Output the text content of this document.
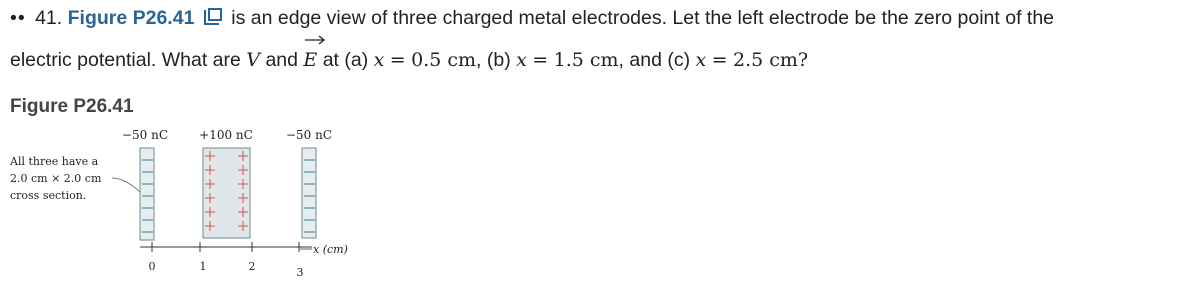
•• 41. Figure P26.41 is an edge view of three charged metal electrodes. Let the left electrode be the zero point of the
electric potential. What are V and E at (a) x = 0.5 cm, (b) x = 1.5 cm, and (c) x = 2.5 cm?
Figure P26.41
−50 nC	+100 nC	−50 nC
All three have a
2.0 cm × 2.0 cm
cross section.
x (cm)
0	1	2	3
